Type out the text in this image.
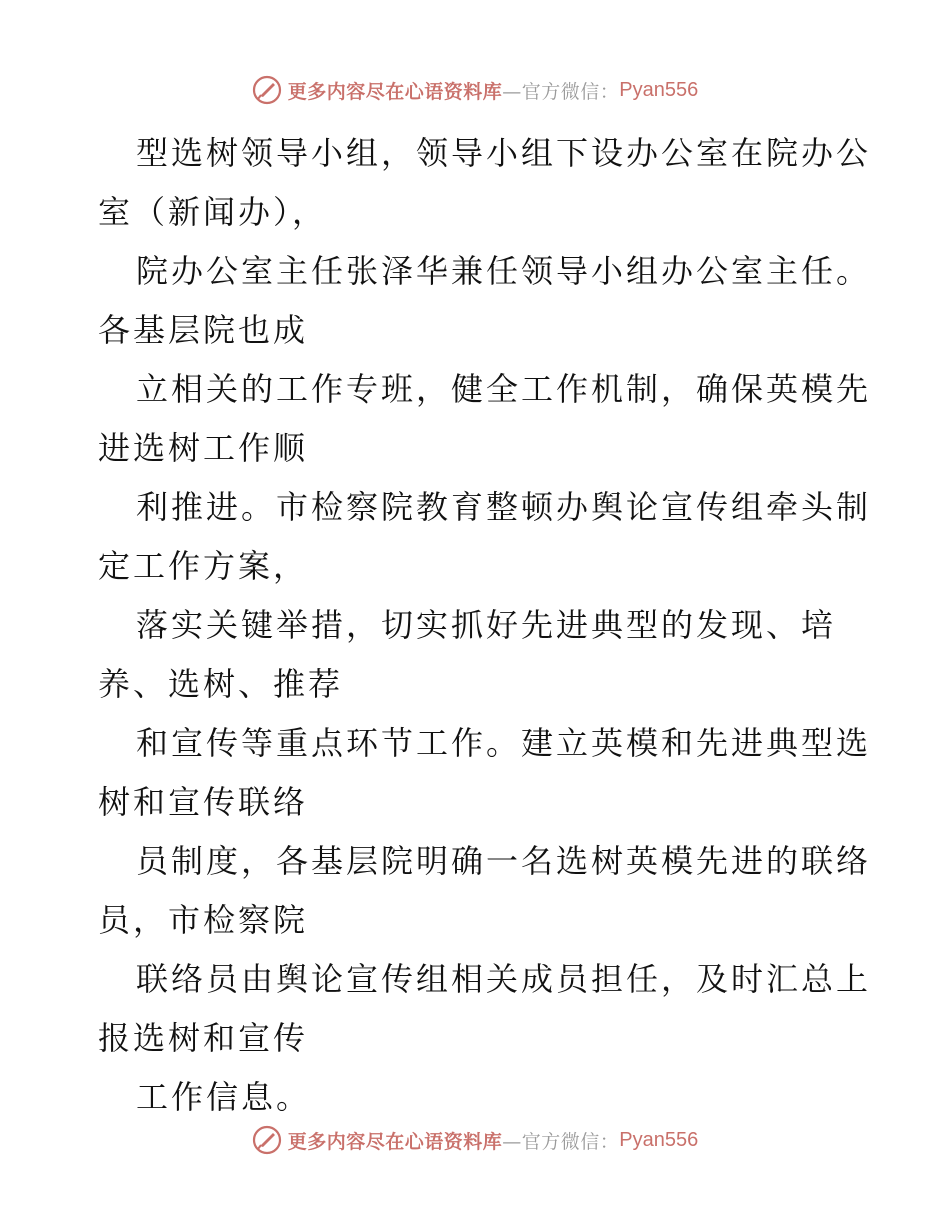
更多内容尽在心语资料库 —官方微信： Pyan556
型选树领导小组，领导小组下设办公室在院办公
室（新闻办），
院办公室主任张泽华兼任领导小组办公室主任。
各基层院也成
立相关的工作专班，健全工作机制，确保英模先
进选树工作顺
利推进。市检察院教育整顿办舆论宣传组牵头制
定工作方案，
落实关键举措，切实抓好先进典型的发现、培
养、选树、推荐
和宣传等重点环节工作。建立英模和先进典型选
树和宣传联络
员制度，各基层院明确一名选树英模先进的联络
员，市检察院
联络员由舆论宣传组相关成员担任，及时汇总上
报选树和宣传
工作信息。
更多内容尽在心语资料库 —官方微信： Pyan556
